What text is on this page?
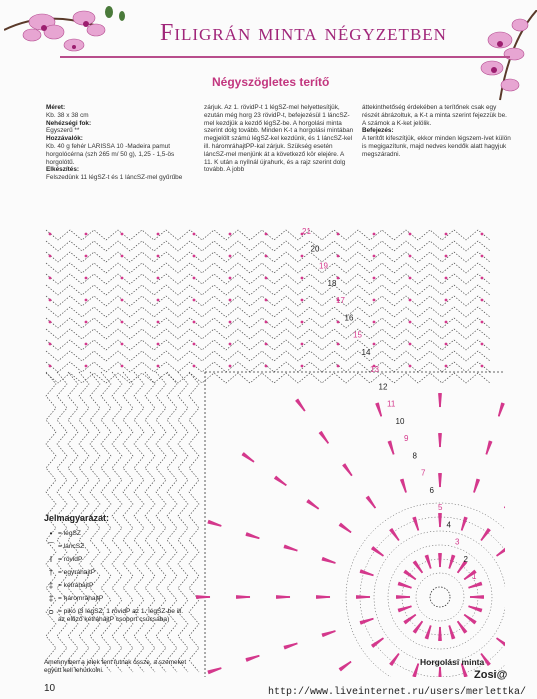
Filigrán minta négyzetben
Négyszögletes terítő
Méret:
Kb. 38 x 38 cm
Nehézségi fok:
Egyszerű **
Hozzávalók:
Kb. 40 g fehér LARISSA 10 -Madeira pamut horgolócérna (szh 265 m/ 50 g), 1,25 - 1,5-ös horgolótű.
Elkészítés:
Felszedünk 11 légSZ-t és 1 láncSZ-mel gyűrűbe
zárjuk. Az 1. rövidP-t 1 légSZ-mel helyettesítjük, ezután még horg 23 rövidP-t, befejezésül 1 láncSZ-mel kezdjük a kezdő légSZ-be. A horgolási minta szerint dolg tovább. Minden K-t a horgolási mintában megjelölt számú légSZ-kel kezdünk, és 1 láncSZ-kel ill. háromráhajtPP-kal zárjuk. Szükség esetén láncSZ-mel menjünk át a következő kör elejére. A 11. K után a nyílnál újrahurk, és a rajz szerint dolg tovább. A jobb
áttekinthetőség érdekében a terítőnek csak egy részét ábrázoltuk, a K-t a minta szerint fejezzük be. A számok a K-ket jelölik.
Befejezés:
A terítőt kifeszítjük, ekkor minden légszem-ívet külön is megigazítunk, majd nedves kendők alatt hagyjuk megszáradni.
21
20
19
18
17
16
15
14
13
12
11
10
9
8
7
6
5
4
3
2
1
Horgolási minta
Jelmagyarázat:
• = légSZ
⌒ = láncSZ
I = rövidP
† = egyráhajtP
‡ = kétráhajtP
‡ = háromráhajtP
ᴑ = pikó (3 légSZ, 1 rövidP az 1. légSZ-be ill. az előző kétráhajtP csoport csúcsába)
Amennyiben a jelek fent futnak össze, a szemeket együtt kell lehurkolni.
10
Zosi@
http://www.liveinternet.ru/users/merlettka/
